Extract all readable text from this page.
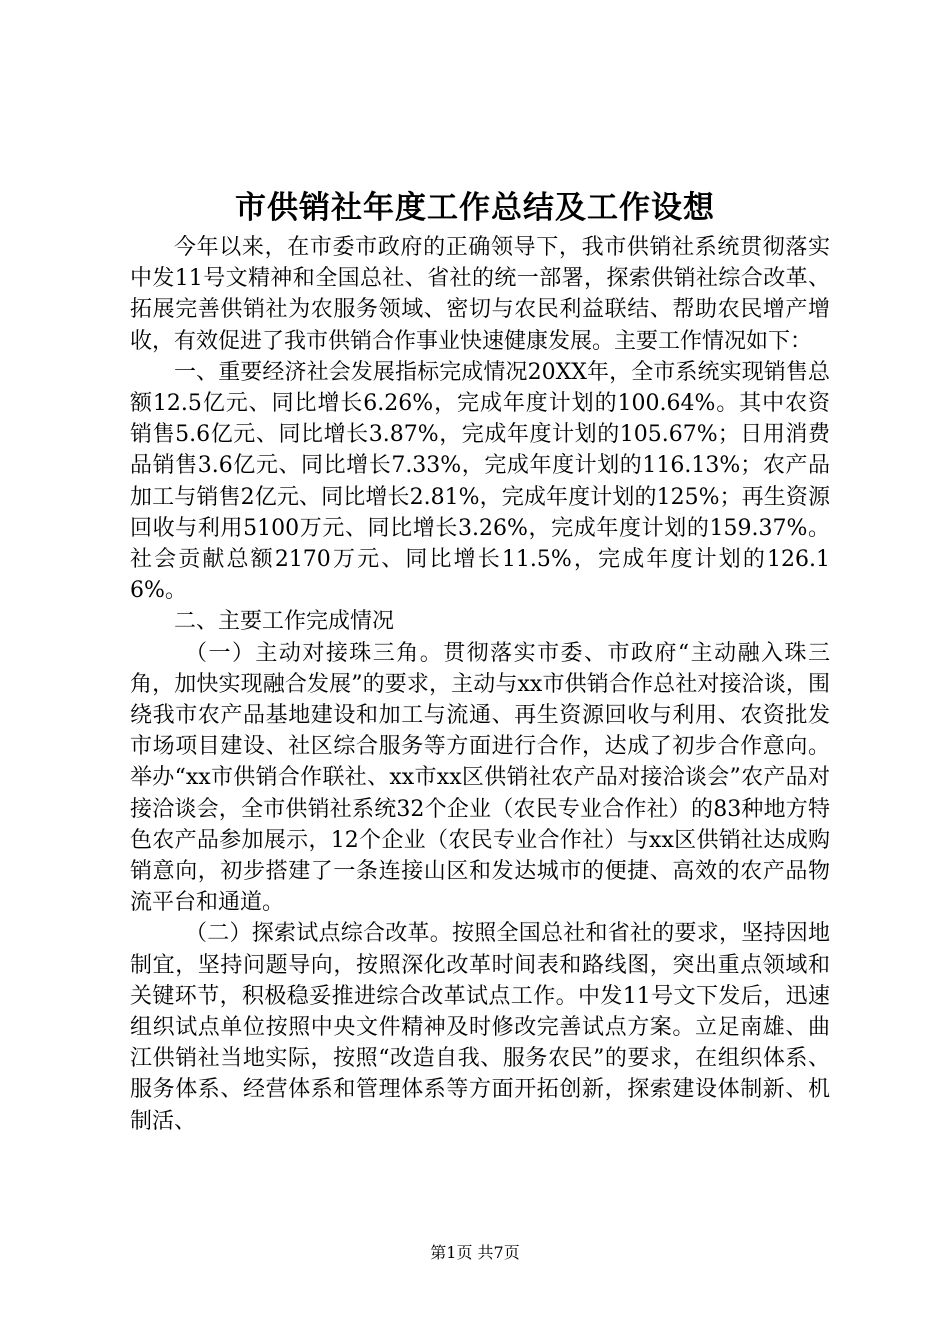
市供销社年度工作总结及工作设想

今年以来，在市委市政府的正确领导下，我市供销社系统贯彻落实中发11号文精神和全国总社、省社的统一部署，探索供销社综合改革、拓展完善供销社为农服务领域、密切与农民利益联结、帮助农民增产增收，有效促进了我市供销合作事业快速健康发展。主要工作情况如下：

一、重要经济社会发展指标完成情况20XX年，全市系统实现销售总额12.5亿元、同比增长6.26%，完成年度计划的100.64%。其中农资销售5.6亿元、同比增长3.87%，完成年度计划的105.67%；日用消费品销售3.6亿元、同比增长7.33%，完成年度计划的116.13%；农产品加工与销售2亿元、同比增长2.81%，完成年度计划的125%；再生资源回收与利用5100万元、同比增长3.26%，完成年度计划的159.37%。社会贡献总额2170万元、同比增长11.5%，完成年度计划的126.16%。

二、主要工作完成情况

（一）主动对接珠三角。贯彻落实市委、市政府“主动融入珠三角，加快实现融合发展”的要求，主动与xx市供销合作总社对接洽谈，围绕我市农产品基地建设和加工与流通、再生资源回收与利用、农资批发市场项目建设、社区综合服务等方面进行合作，达成了初步合作意向。举办“xx市供销合作联社、xx市xx区供销社农产品对接洽谈会”农产品对接洽谈会，全市供销社系统32个企业（农民专业合作社）的83种地方特色农产品参加展示，12个企业（农民专业合作社）与xx区供销社达成购销意向，初步搭建了一条连接山区和发达城市的便捷、高效的农产品物流平台和通道。

（二）探索试点综合改革。按照全国总社和省社的要求，坚持因地制宜，坚持问题导向，按照深化改革时间表和路线图，突出重点领域和关键环节，积极稳妥推进综合改革试点工作。中发11号文下发后，迅速组织试点单位按照中央文件精神及时修改完善试点方案。立足南雄、曲江供销社当地实际，按照“改造自我、服务农民”的要求，在组织体系、服务体系、经营体系和管理体系等方面开拓创新，探索建设体制新、机制活、

第1页 共7页
